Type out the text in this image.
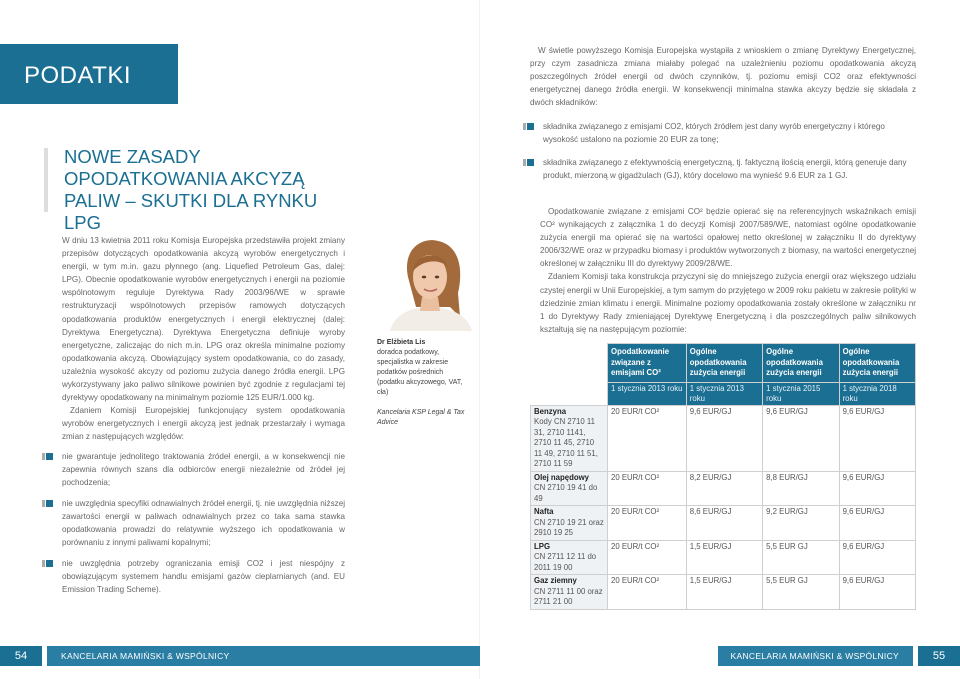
PODATKI
NOWE ZASADY OPODATKOWANIA AKCYZĄ PALIW – SKUTKI DLA RYNKU LPG

W dniu 13 kwietnia 2011 roku Komisja Europejska przedstawiła projekt zmiany przepisów dotyczących opodatkowania akcyzą wyrobów energetycznych i energii, w tym m.in. gazu płynnego (ang. Liquefied Petroleum Gas, dalej: LPG). Obecnie opodatkowanie wyrobów energetycznych i energii na poziomie wspólnotowym reguluje Dyrektywa Rady 2003/96/WE w sprawie restrukturyzacji wspólnotowych przepisów ramowych dotyczących opodatkowania produktów energetycznych i energii elektrycznej (dalej: Dyrektywa Energetyczna). Dyrektywa Energetyczna definiuje wyroby energetyczne, zaliczając do nich m.in. LPG oraz określa minimalne poziomy opodatkowania akcyzą. Obowiązujący system opodatkowania, co do zasady, uzależnia wysokość akcyzy od poziomu zużycia danego źródła energii. LPG wykorzystywany jako paliwo silnikowe powinien być zgodnie z regulacjami tej dyrektywy opodatkowany na minimalnym poziomie 125 EUR/1.000 kg.

Zdaniem Komisji Europejskiej funkcjonujący system opodatkowania wyrobów energetycznych i energii akcyzą jest jednak przestarzały i wymaga zmian z następujących względów:

nie gwarantuje jednolitego traktowania źródeł energii, a w konsekwencji nie zapewnia równych szans dla odbiorców energii niezależnie od źródeł jej pochodzenia;
nie uwzględnia specyfiki odnawialnych źródeł energii, tj. nie uwzględnia niższej zawartości energii w paliwach odnawialnych przez co taka sama stawka opodatkowania prowadzi do relatywnie wyższego ich opodatkowania w porównaniu z innymi paliwami kopalnymi;
nie uwzględnia potrzeby ograniczania emisji CO2 i jest niespójny z obowiązującym systemem handlu emisjami gazów cieplarnianych (and. EU Emission Trading Scheme).
Dr Elżbieta Lis
doradca podatkowy, specjalistka w zakresie podatków pośrednich (podatku akcyzowego, VAT, cła)
Kancelaria KSP Legal & Tax Advice

W świetle powyższego Komisja Europejska wystąpiła z wnioskiem o zmianę Dyrektywy Energetycznej, przy czym zasadnicza zmiana miałaby polegać na uzależnieniu poziomu opodatkowania akcyzą poszczególnych źródeł energii od dwóch czynników, tj. poziomu emisji CO2 oraz efektywności energetycznej danego źródła energii. W konsekwencji minimalna stawka akcyzy będzie się składała z dwóch składników:

składnika związanego z emisjami CO2, których źródłem jest dany wyrób energetyczny i którego wysokość ustalono na poziomie 20 EUR za tonę;
składnika związanego z efektywnością energetyczną, tj. faktyczną ilością energii, którą generuje dany produkt, mierzoną w gigadżulach (GJ), który docelowo ma wynieść 9.6 EUR za 1 GJ.

Opodatkowanie związane z emisjami CO² będzie opierać się na referencyjnych wskaźnikach emisji CO² wynikających z załącznika 1 do decyzji Komisji 2007/589/WE, natomiast ogólne opodatkowanie zużycia energii ma opierać się na wartości opałowej netto określonej w załączniku II do dyrektywy 2006/32/WE oraz w przypadku biomasy i produktów wytworzonych z biomasy, na wartości energetycznej określonej w załączniku III do dyrektywy 2009/28/WE.

Zdaniem Komisji taka konstrukcja przyczyni się do mniejszego zużycia energii oraz większego udziału czystej energii w Unii Europejskiej, a tym samym do przyjętego w 2009 roku pakietu w zakresie polityki w dziedzinie zmian klimatu i energii. Minimalne poziomy opodatkowania zostały określone w załączniku nr 1 do Dyrektywy Rady zmieniającej Dyrektywę Energetyczną i dla poszczególnych paliw silnikowych kształtują się na następującym poziomie:

	Opodatkowanie związane z emisjami CO²	Ogólne opodatkowania zużycia energii	Ogólne opodatkowania zużycia energii	Ogólne opodatkowania zużycia energii
	1 stycznia 2013 roku	1 stycznia 2013 roku	1 stycznia 2015 roku	1 stycznia 2018 roku

Benzyna
Kody CN 2710 11 31, 2710 1141, 2710 11 45, 2710 11 49, 2710 11 51, 2710 11 59	20 EUR/t CO²	9,6 EUR/GJ	9,6 EUR/GJ	9,6 EUR/GJ

Olej napędowy
CN 2710 19 41 do 49	20 EUR/t CO²	8,2 EUR/GJ	8,8 EUR/GJ	9,6 EUR/GJ

Nafta
CN 2710 19 21 oraz 2910 19 25	20 EUR/t CO²	8,6 EUR/GJ	9,2 EUR/GJ	9,6 EUR/GJ

LPG
CN 2711 12 11 do 2011 19 00	20 EUR/t CO²	1,5 EUR/GJ	5,5 EUR GJ	9,6 EUR/GJ

Gaz ziemny
CN 2711 11 00 oraz 2711 21 00	20 EUR/t CO²	1,5 EUR/GJ	5,5 EUR GJ	9,6 EUR/GJ
54	KANCELARIA MAMIŃSKI & WSPÓLNICY	KANCELARIA MAMIŃSKI & WSPÓLNICY	55
